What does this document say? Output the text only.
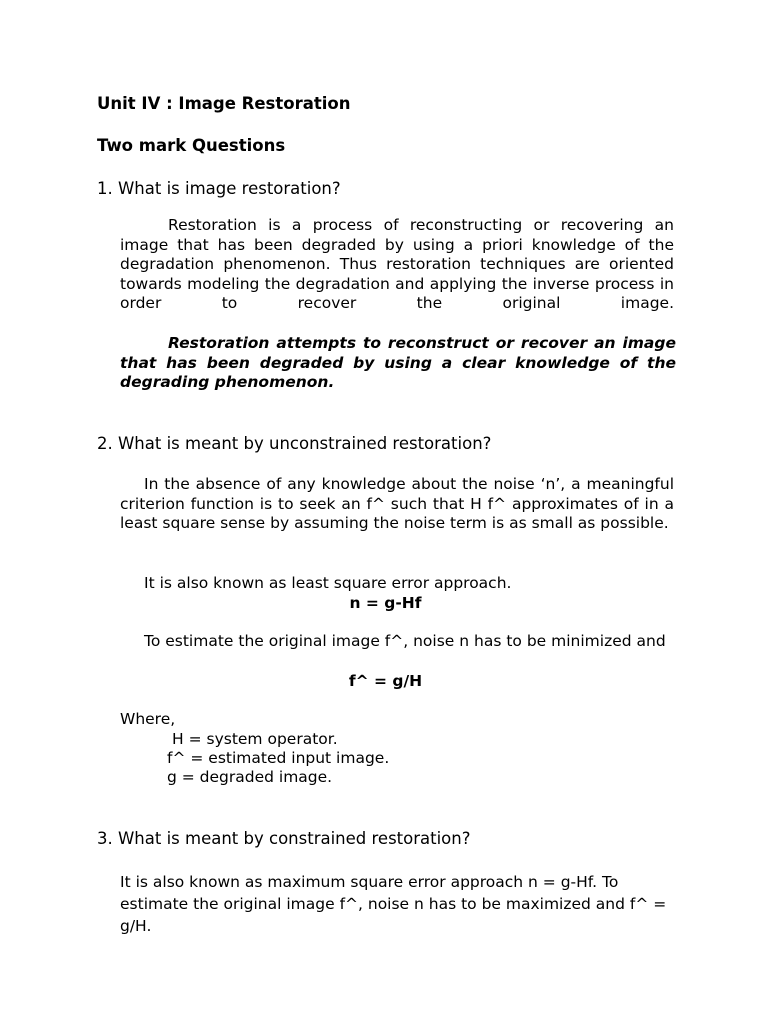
Unit IV : Image Restoration
Two mark Questions
1. What is image restoration?
Restoration is a process of reconstructing or recovering an image that has been degraded by using a priori knowledge of the degradation phenomenon. Thus restoration techniques are oriented towards modeling the degradation and applying the inverse process in order to recover the original image.
Restoration attempts to reconstruct or recover an image that has been degraded by using a clear knowledge of the degrading phenomenon.
2. What is meant by unconstrained restoration?
In the absence of any knowledge about the noise ‘n’, a meaningful criterion function is to seek an f^ such that H f^ approximates of in a least square sense by assuming the noise term is as small as possible.
It is also known as least square error approach.
n = g-Hf
To estimate the original image f^, noise n has to be minimized and
f^ = g/H
Where,
H = system operator.
f^ = estimated input image.
g = degraded image.
3. What is meant by constrained restoration?
It is also known as maximum square error approach n = g-Hf. To estimate the original image f^, noise n has to be maximized and f^ = g/H.
